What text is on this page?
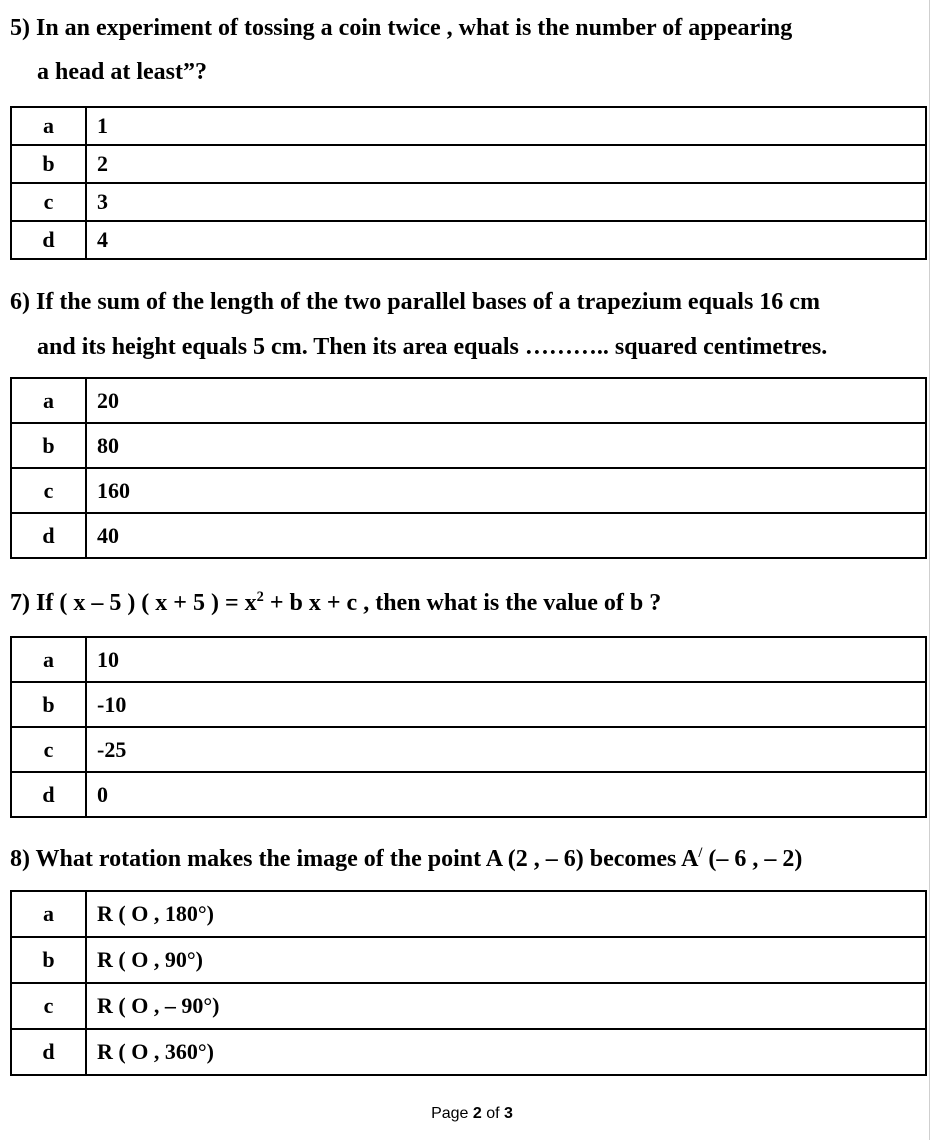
5) In an experiment of tossing a coin twice , what is the number of appearing
a head at least”?
a	1
b	2
c	3
d	4
6) If the sum of the length of the two parallel bases of a trapezium equals 16 cm
and its height equals 5 cm. Then its area equals ……….. squared centimetres.
a	20
b	80
c	160
d	40
7) If ( x – 5 ) ( x + 5 ) = $x^2 + b$ x + c , then what is the value of b ?
a	10
b	-10
c	-25
d	0
8) What rotation makes the image of the point A (2 , – 6) becomes A/ (– 6 , – 2)
a	R ( O , 180°)
b	R ( O , 90°)
c	R ( O , – 90°)
d	R ( O , 360°)
Page 2 of 3
